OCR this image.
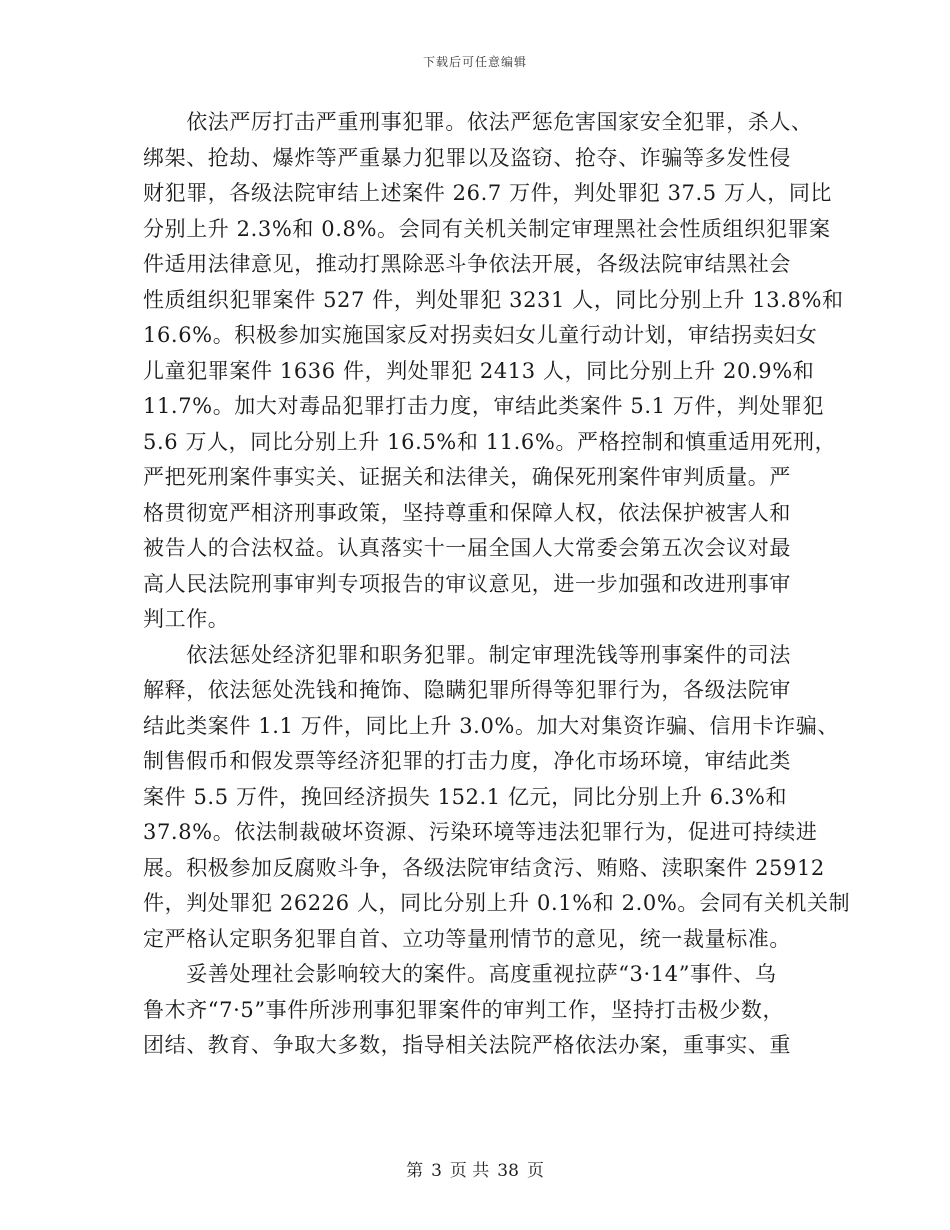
下载后可任意编辑
　　依法严厉打击严重刑事犯罪。依法严惩危害国家安全犯罪，杀人、
绑架、抢劫、爆炸等严重暴力犯罪以及盗窃、抢夺、诈骗等多发性侵
财犯罪，各级法院审结上述案件 26.7 万件，判处罪犯 37.5 万人，同比
分别上升 2.3%和 0.8%。会同有关机关制定审理黑社会性质组织犯罪案
件适用法律意见，推动打黑除恶斗争依法开展，各级法院审结黑社会
性质组织犯罪案件 527 件，判处罪犯 3231 人，同比分别上升 13.8%和
16.6%。积极参加实施国家反对拐卖妇女儿童行动计划，审结拐卖妇女
儿童犯罪案件 1636 件，判处罪犯 2413 人，同比分别上升 20.9%和
11.7%。加大对毒品犯罪打击力度，审结此类案件 5.1 万件，判处罪犯
5.6 万人，同比分别上升 16.5%和 11.6%。严格控制和慎重适用死刑，
严把死刑案件事实关、证据关和法律关，确保死刑案件审判质量。严
格贯彻宽严相济刑事政策，坚持尊重和保障人权，依法保护被害人和
被告人的合法权益。认真落实十一届全国人大常委会第五次会议对最
高人民法院刑事审判专项报告的审议意见，进一步加强和改进刑事审
判工作。
　　依法惩处经济犯罪和职务犯罪。制定审理洗钱等刑事案件的司法
解释，依法惩处洗钱和掩饰、隐瞒犯罪所得等犯罪行为，各级法院审
结此类案件 1.1 万件，同比上升 3.0%。加大对集资诈骗、信用卡诈骗、
制售假币和假发票等经济犯罪的打击力度，净化市场环境，审结此类
案件 5.5 万件，挽回经济损失 152.1 亿元，同比分别上升 6.3%和
37.8%。依法制裁破坏资源、污染环境等违法犯罪行为，促进可持续进
展。积极参加反腐败斗争，各级法院审结贪污、贿赂、渎职案件 25912
件，判处罪犯 26226 人，同比分别上升 0.1%和 2.0%。会同有关机关制
定严格认定职务犯罪自首、立功等量刑情节的意见，统一裁量标准。
　　妥善处理社会影响较大的案件。高度重视拉萨“3·14”事件、乌
鲁木齐“7·5”事件所涉刑事犯罪案件的审判工作，坚持打击极少数，
团结、教育、争取大多数，指导相关法院严格依法办案，重事实、重
第 3 页 共 38 页
